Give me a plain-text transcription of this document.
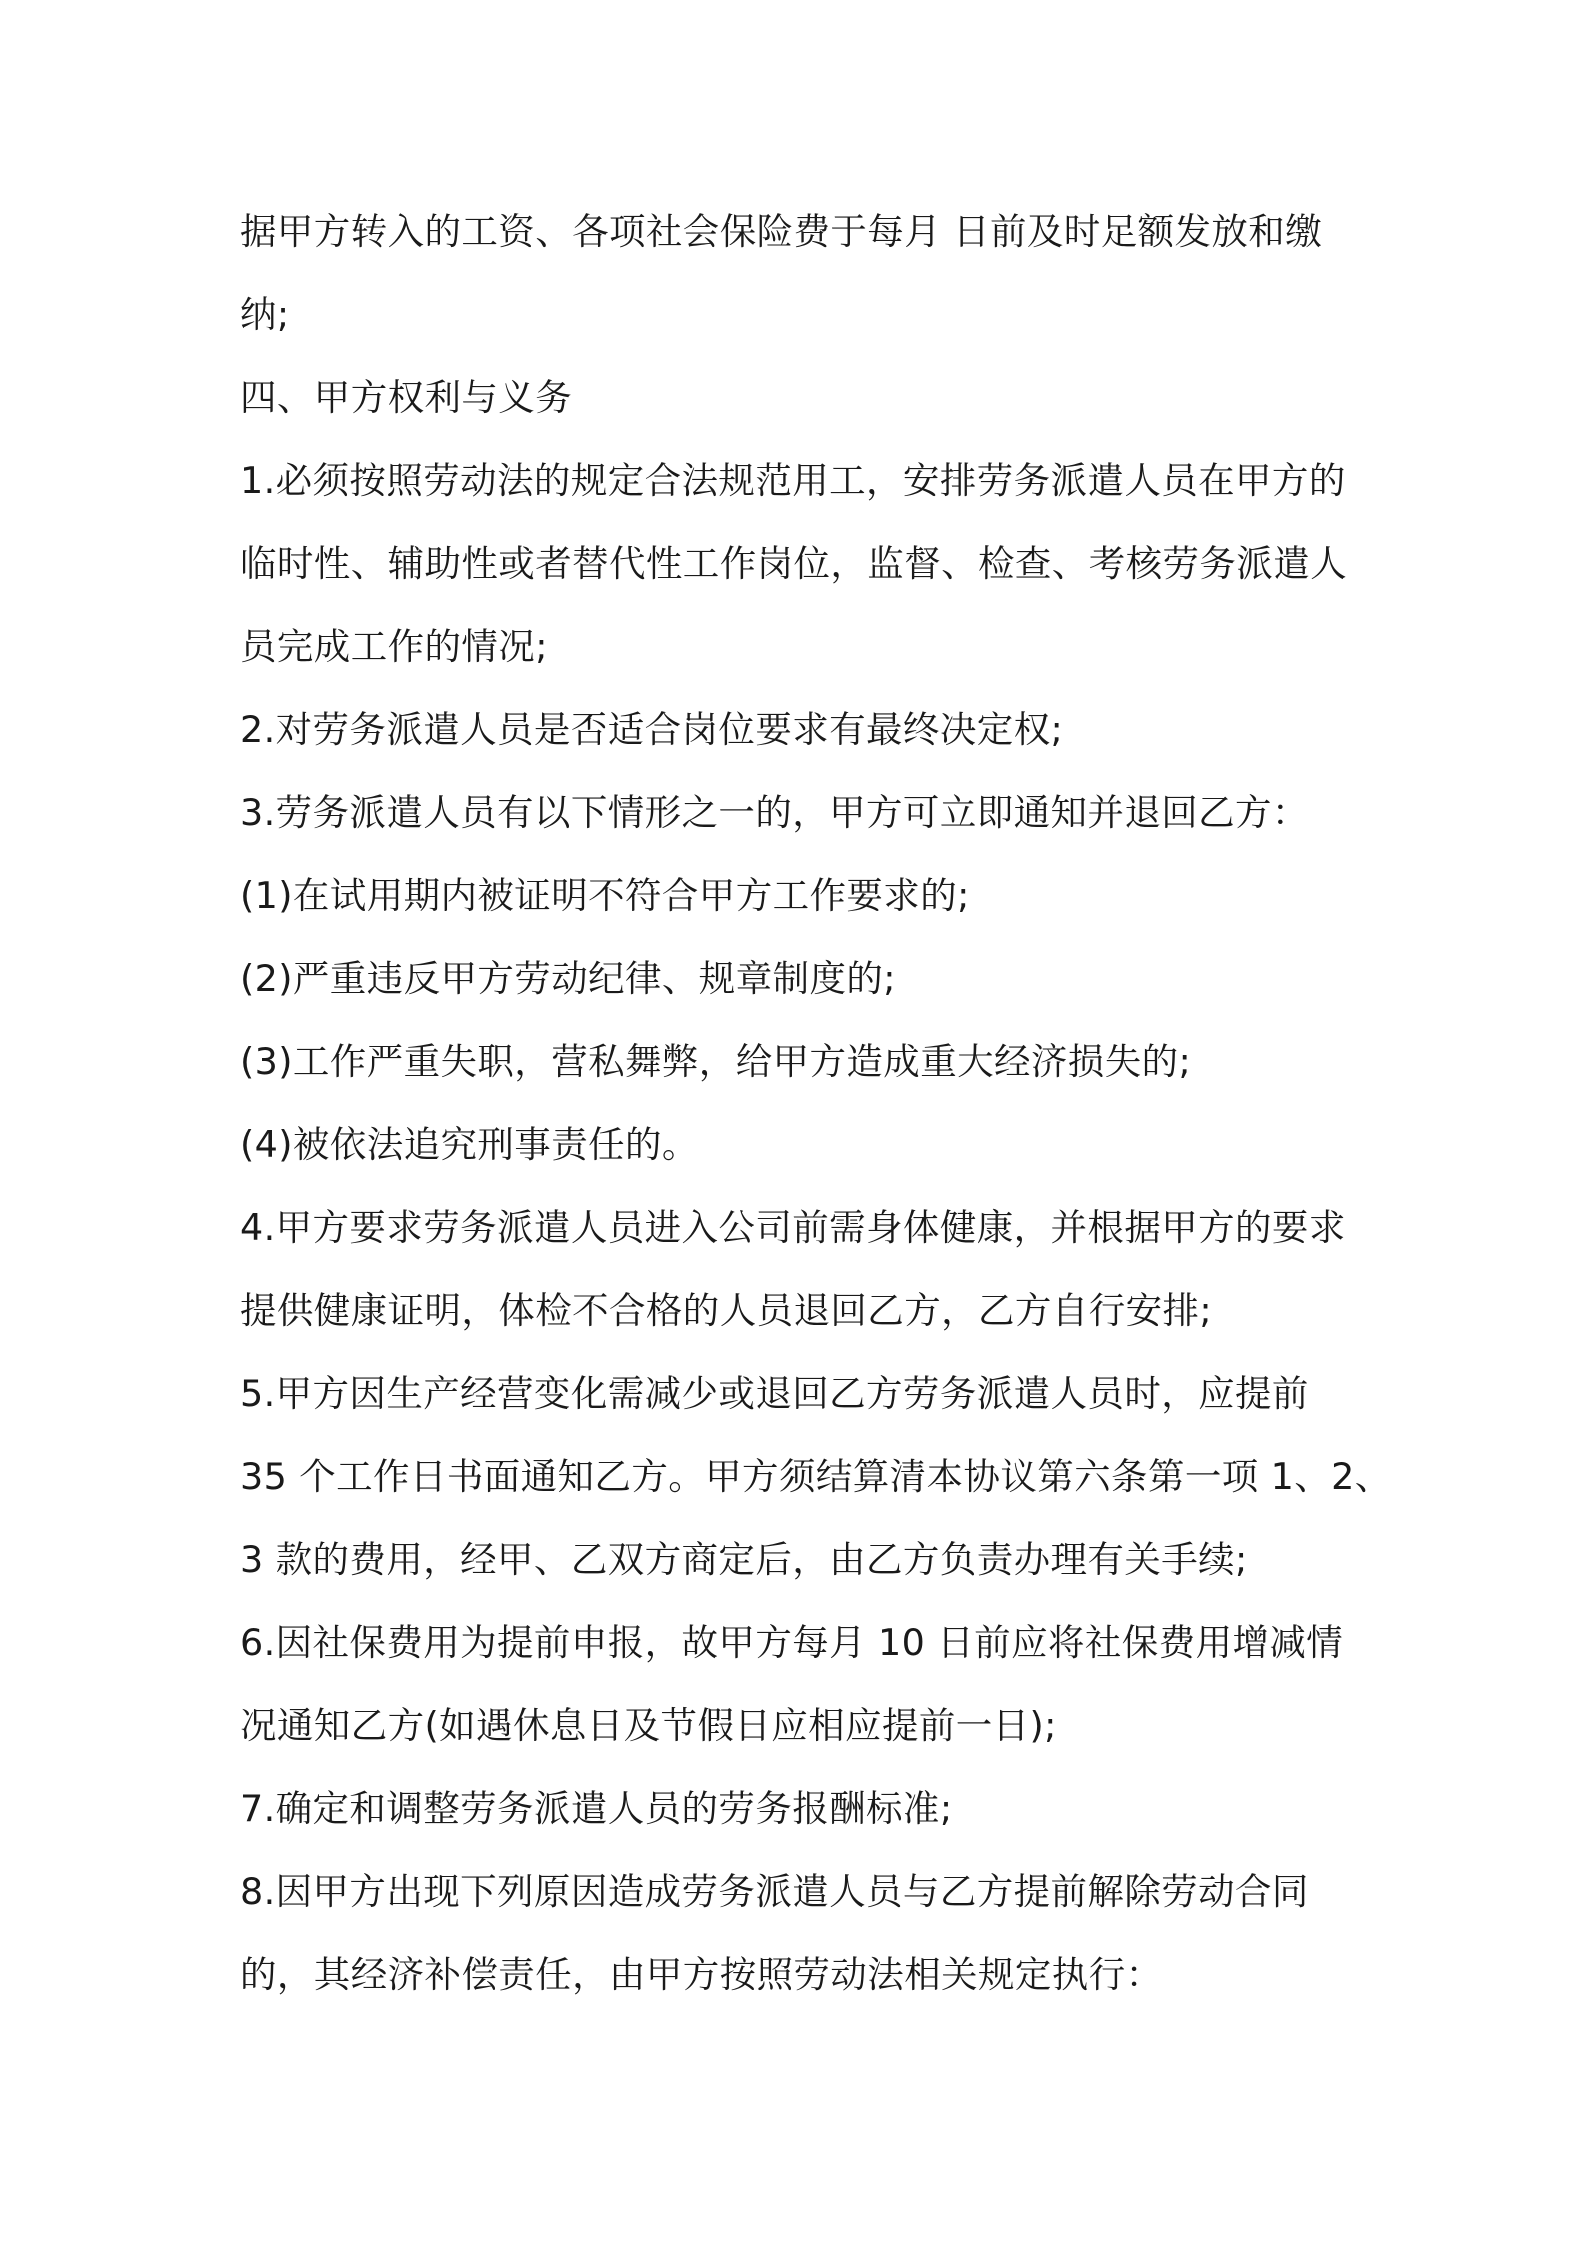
据甲方转入的工资、各项社会保险费于每月 日前及时足额发放和缴
纳;
四、甲方权利与义务
1.必须按照劳动法的规定合法规范用工，安排劳务派遣人员在甲方的
临时性、辅助性或者替代性工作岗位，监督、检查、考核劳务派遣人
员完成工作的情况;
2.对劳务派遣人员是否适合岗位要求有最终决定权;
3.劳务派遣人员有以下情形之一的，甲方可立即通知并退回乙方：
(1)在试用期内被证明不符合甲方工作要求的;
(2)严重违反甲方劳动纪律、规章制度的;
(3)工作严重失职，营私舞弊，给甲方造成重大经济损失的;
(4)被依法追究刑事责任的。
4.甲方要求劳务派遣人员进入公司前需身体健康，并根据甲方的要求
提供健康证明，体检不合格的人员退回乙方，乙方自行安排;
5.甲方因生产经营变化需减少或退回乙方劳务派遣人员时，应提前
35 个工作日书面通知乙方。甲方须结算清本协议第六条第一项 1、2、
3 款的费用，经甲、乙双方商定后，由乙方负责办理有关手续;
6.因社保费用为提前申报，故甲方每月 10 日前应将社保费用增减情
况通知乙方(如遇休息日及节假日应相应提前一日);
7.确定和调整劳务派遣人员的劳务报酬标准;
8.因甲方出现下列原因造成劳务派遣人员与乙方提前解除劳动合同
的，其经济补偿责任，由甲方按照劳动法相关规定执行：
